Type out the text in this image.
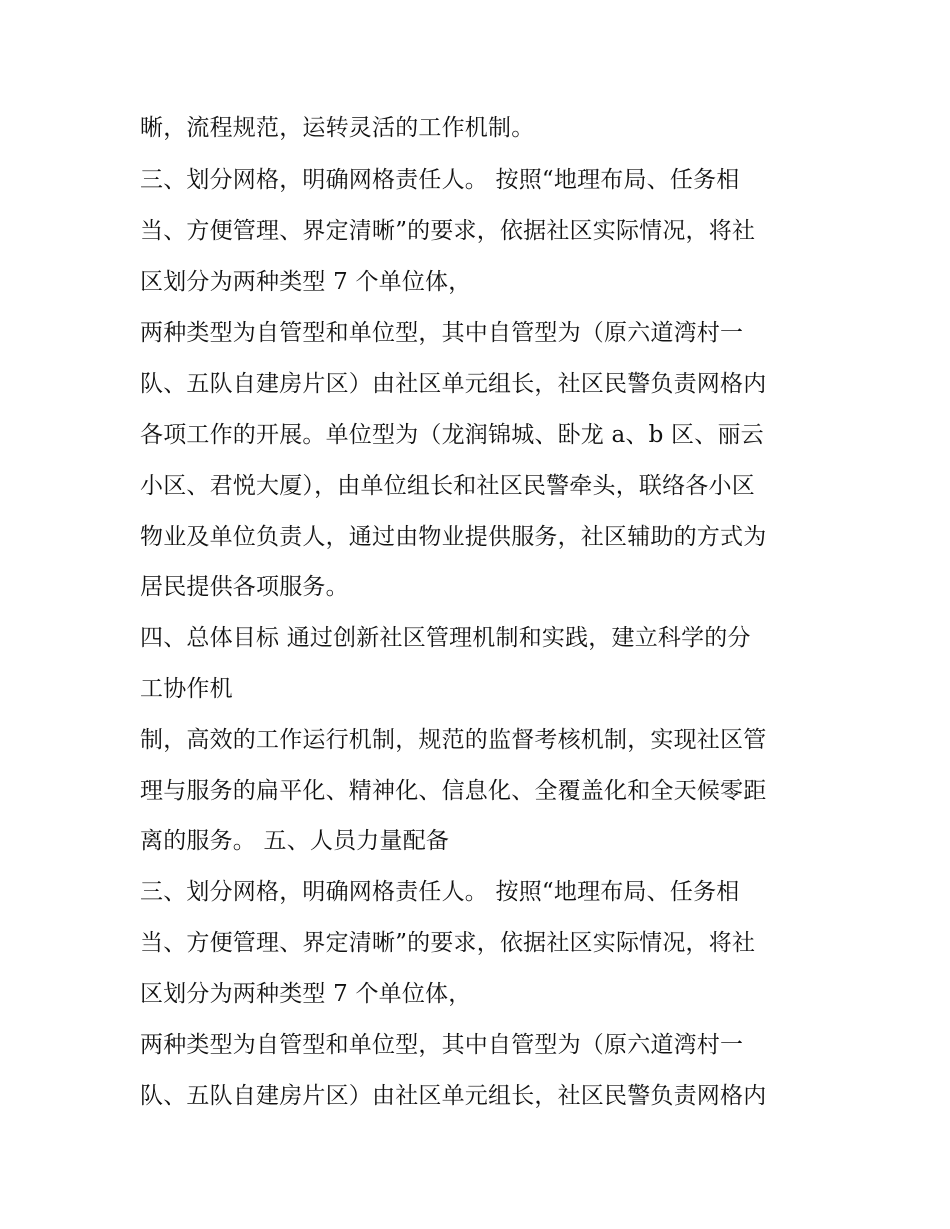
晰，流程规范，运转灵活的工作机制。
三、划分网格，明确网格责任人。 按照“地理布局、任务相
当、方便管理、界定清晰”的要求，依据社区实际情况，将社
区划分为两种类型 7 个单位体，
两种类型为自管型和单位型，其中自管型为（原六道湾村一
队、五队自建房片区）由社区单元组长，社区民警负责网格内
各项工作的开展。单位型为（龙润锦城、卧龙 a、b 区、丽云
小区、君悦大厦），由单位组长和社区民警牵头，联络各小区
物业及单位负责人，通过由物业提供服务，社区辅助的方式为
居民提供各项服务。
四、总体目标 通过创新社区管理机制和实践，建立科学的分
工协作机
制，高效的工作运行机制，规范的监督考核机制，实现社区管
理与服务的扁平化、精神化、信息化、全覆盖化和全天候零距
离的服务。 五、人员力量配备
三、划分网格，明确网格责任人。 按照“地理布局、任务相
当、方便管理、界定清晰”的要求，依据社区实际情况，将社
区划分为两种类型 7 个单位体，
两种类型为自管型和单位型，其中自管型为（原六道湾村一
队、五队自建房片区）由社区单元组长，社区民警负责网格内
